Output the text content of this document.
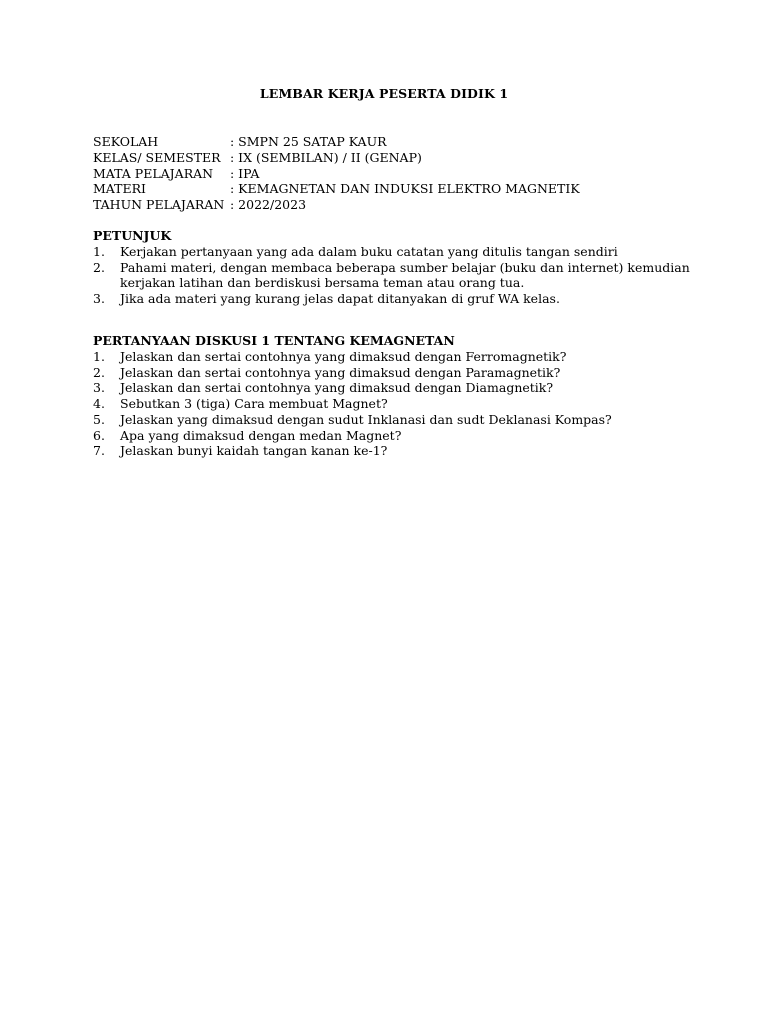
LEMBAR KERJA PESERTA DIDIK 1
SEKOLAH	: SMPN 25 SATAP KAUR
KELAS/ SEMESTER : IX (SEMBILAN) / II (GENAP)
MATA PELAJARAN	: IPA
MATERI	: KEMAGNETAN DAN INDUKSI ELEKTRO MAGNETIK
TAHUN PELAJARAN : 2022/2023
PETUNJUK
1.	Kerjakan pertanyaan yang ada dalam buku catatan yang ditulis tangan sendiri
2.	Pahami materi, dengan membaca beberapa sumber belajar (buku dan internet) kemudian kerjakan latihan dan berdiskusi bersama teman atau orang tua.
3.	Jika ada materi yang kurang jelas dapat ditanyakan di gruf WA kelas.
PERTANYAAN DISKUSI 1 TENTANG KEMAGNETAN
1.	Jelaskan dan sertai contohnya yang dimaksud dengan Ferromagnetik?
2.	Jelaskan dan sertai contohnya yang dimaksud dengan Paramagnetik?
3.	Jelaskan dan sertai contohnya yang dimaksud dengan Diamagnetik?
4.	Sebutkan 3 (tiga) Cara membuat Magnet?
5.	Jelaskan yang dimaksud dengan sudut Inklanasi dan sudt Deklanasi Kompas?
6.	Apa yang dimaksud dengan medan Magnet?
7.	Jelaskan bunyi kaidah tangan kanan ke-1?
